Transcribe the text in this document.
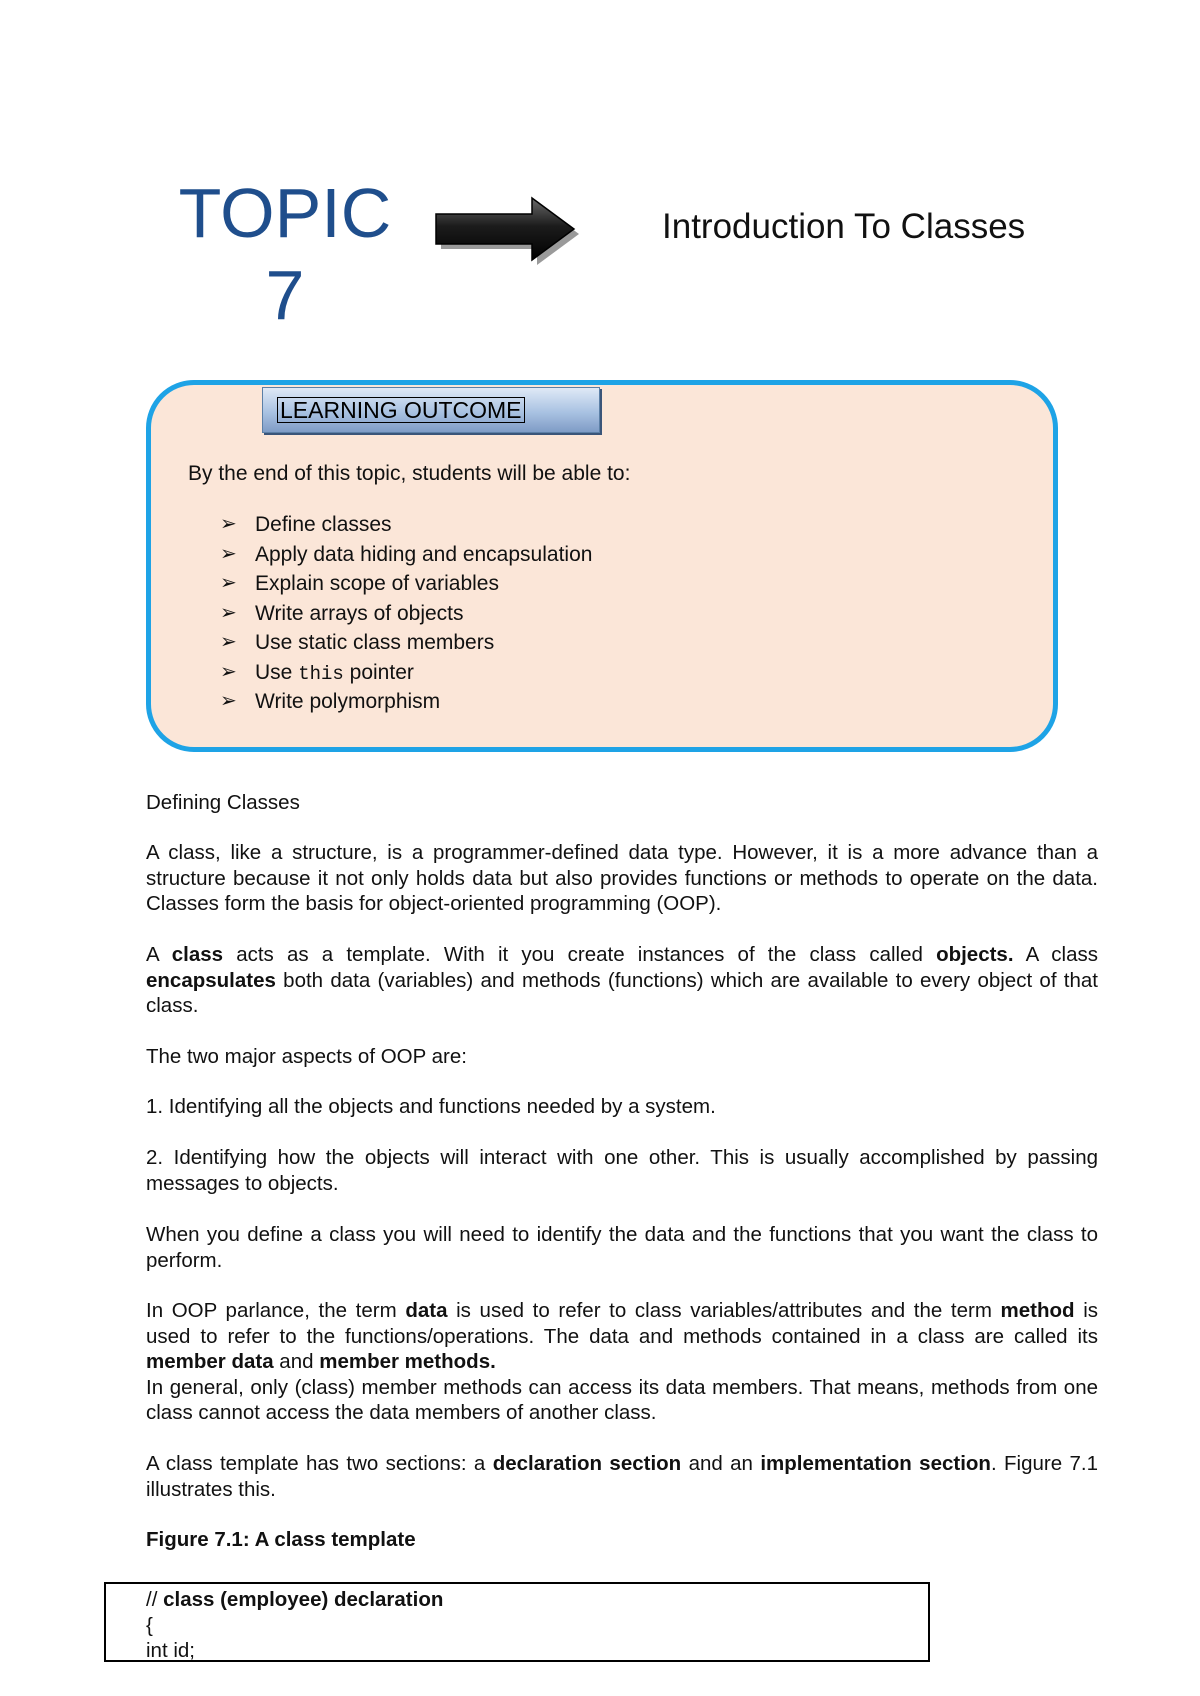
TOPIC
7
Introduction To Classes
LEARNING OUTCOME
By the end of this topic, students will be able to:
➢ Define classes
➢ Apply data hiding and encapsulation
➢ Explain scope of variables
➢ Write arrays of objects
➢ Use static class members
➢ Use this pointer
➢ Write polymorphism
Defining Classes

A class, like a structure, is a programmer-defined data type. However, it is a more advance than a structure because it not only holds data but also provides functions or methods to operate on the data. Classes form the basis for object-oriented programming (OOP).

A class acts as a template. With it you create instances of the class called objects. A class encapsulates both data (variables) and methods (functions) which are available to every object of that class.

The two major aspects of OOP are:
1. Identifying all the objects and functions needed by a system.
2. Identifying how the objects will interact with one other. This is usually accomplished by passing messages to objects.
When you define a class you will need to identify the data and the functions that you want the class to perform.

In OOP parlance, the term data is used to refer to class variables/attributes and the term method is used to refer to the functions/operations. The data and methods contained in a class are called its member data and member methods.

In general, only (class) member methods can access its data members. That means, methods from one class cannot access the data members of another class.

A class template has two sections: a declaration section and an implementation section. Figure 7.1 illustrates this.

Figure 7.1: A class template
// class (employee) declaration
{
int id;
